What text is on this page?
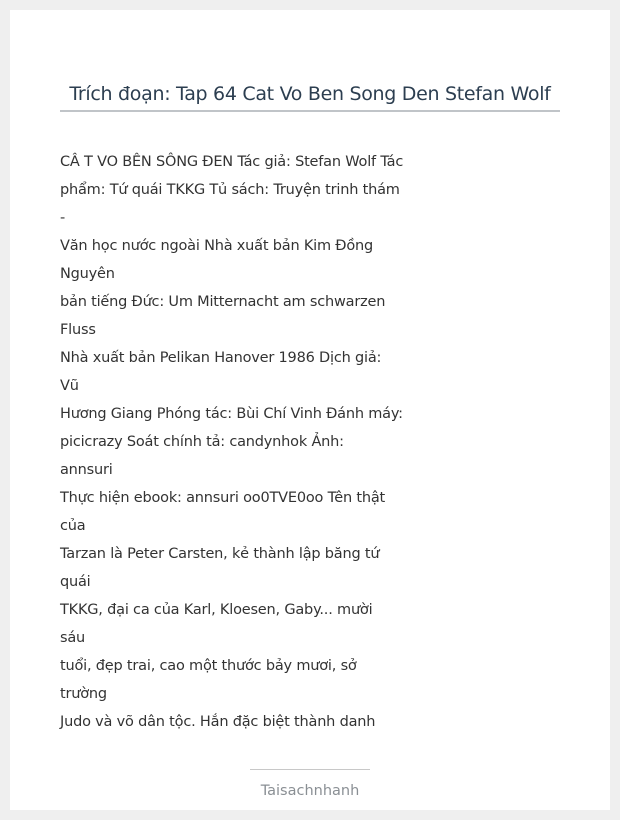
Trích đoạn: Tap 64 Cat Vo Ben Song Den Stefan Wolf
CÂ T VO BÊN SÔNG ĐEN Tác giả: Stefan Wolf Tác
phẩm: Tứ quái TKKG Tủ sách: Truyện trinh thám
-
Văn học nước ngoài Nhà xuất bản Kim Đồng
Nguyên
bản tiếng Đức: Um Mitternacht am schwarzen
Fluss
Nhà xuất bản Pelikan Hanover 1986 Dịch giả:
Vũ
Hương Giang Phóng tác: Bùi Chí Vinh Đánh máy:
picicrazy Soát chính tả: candynhok Ảnh:
annsuri
Thực hiện ebook: annsuri oo0TVE0oo Tên thật
của
Tarzan là Peter Carsten, kẻ thành lập băng tứ
quái
TKKG, đại ca của Karl, Kloesen, Gaby... mười
sáu
tuổi, đẹp trai, cao một thước bảy mươi, sở
trường
Judo và võ dân tộc. Hắn đặc biệt thành danh
Taisachnhanh
